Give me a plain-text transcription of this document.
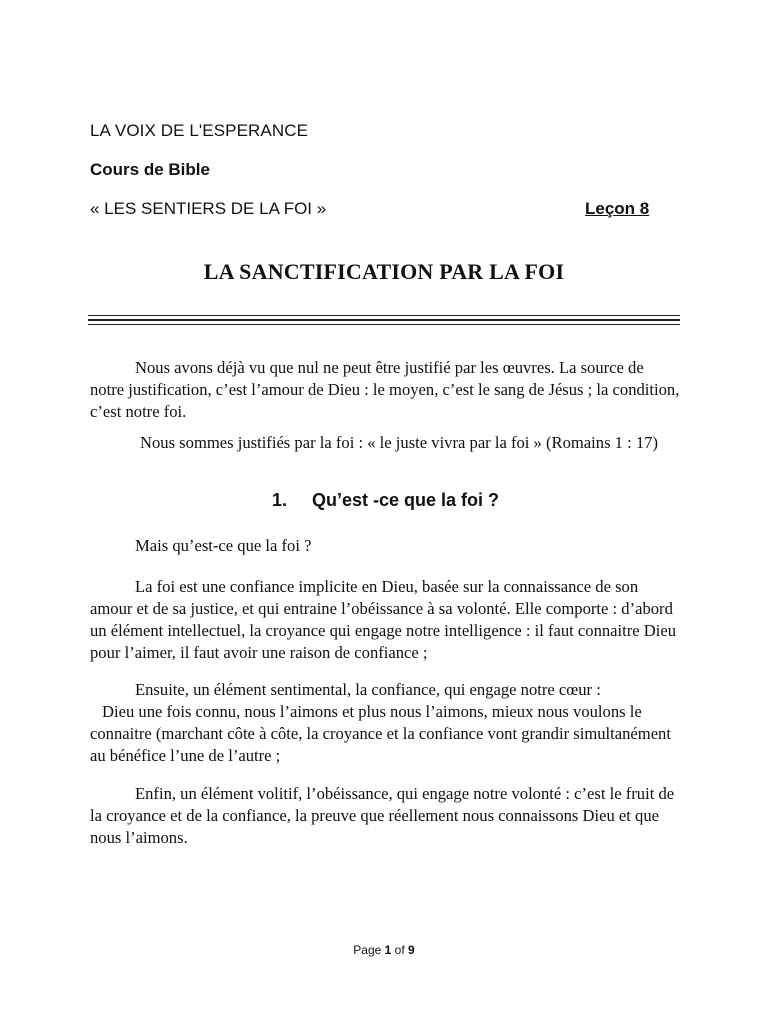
LA VOIX DE L'ESPERANCE
Cours de Bible
« LES SENTIERS DE LA FOI »	Leçon 8
LA SANCTIFICATION PAR LA FOI

Nous avons déjà vu que nul ne peut être justifié par les œuvres. La source de notre justification, c’est l’amour de Dieu : le moyen, c’est le sang de Jésus ; la condition, c’est notre foi.

Nous sommes justifiés par la foi : « le juste vivra par la foi » (Romains 1 : 17)

1. Qu’est -ce que la foi ?

Mais qu’est-ce que la foi ?

La foi est une confiance implicite en Dieu, basée sur la connaissance de son amour et de sa justice, et qui entraine l’obéissance à sa volonté. Elle comporte : d’abord un élément intellectuel, la croyance qui engage notre intelligence : il faut connaitre Dieu pour l’aimer, il faut avoir une raison de confiance ;

Ensuite, un élément sentimental, la confiance, qui engage notre cœur :
Dieu une fois connu, nous l’aimons et plus nous l’aimons, mieux nous voulons le connaitre (marchant côte à côte, la croyance et la confiance vont grandir simultanément au bénéfice l’une de l’autre ;

Enfin, un élément volitif, l’obéissance, qui engage notre volonté : c’est le fruit de la croyance et de la confiance, la preuve que réellement nous connaissons Dieu et que nous l’aimons.

Page 1 of 9
